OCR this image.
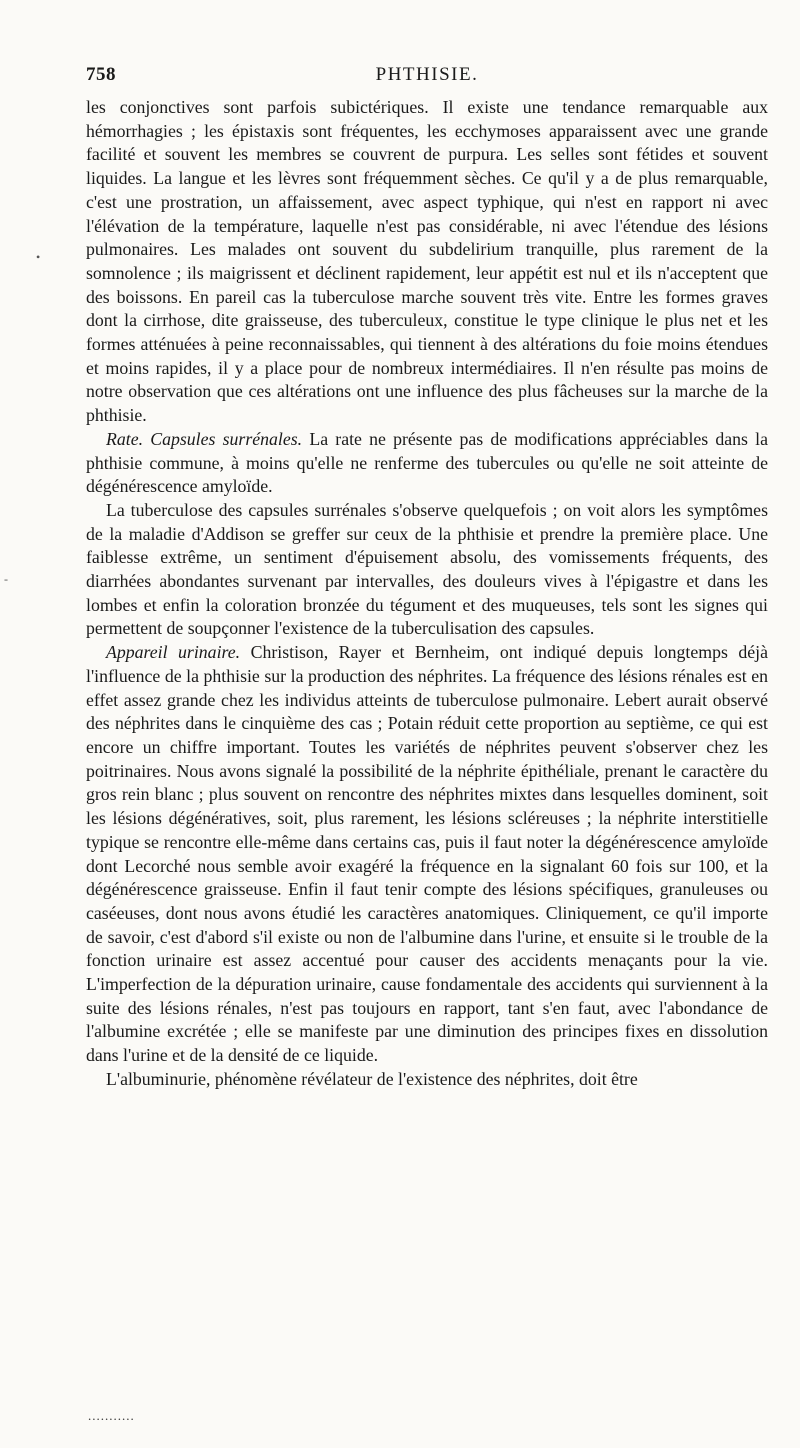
758	PHTHISIE.

les conjonctives sont parfois subictériques. Il existe une tendance remarquable aux hémorrhagies ; les épistaxis sont fréquentes, les ecchymoses apparaissent avec une grande facilité et souvent les membres se couvrent de purpura. Les selles sont fétides et souvent liquides. La langue et les lèvres sont fréquemment sèches. Ce qu'il y a de plus remarquable, c'est une prostration, un affaissement, avec aspect typhique, qui n'est en rapport ni avec l'élévation de la température, laquelle n'est pas considérable, ni avec l'étendue des lésions pulmonaires. Les malades ont souvent du subdelirium tranquille, plus rarement de la somnolence ; ils maigrissent et déclinent rapidement, leur appétit est nul et ils n'acceptent que des boissons. En pareil cas la tuberculose marche souvent très vite. Entre les formes graves dont la cirrhose, dite graisseuse, des tuberculeux, constitue le type clinique le plus net et les formes atténuées à peine reconnaissables, qui tiennent à des altérations du foie moins étendues et moins rapides, il y a place pour de nombreux intermédiaires. Il n'en résulte pas moins de notre observation que ces altérations ont une influence des plus fâcheuses sur la marche de la phthisie.

Rate. Capsules surrénales. La rate ne présente pas de modifications appréciables dans la phthisie commune, à moins qu'elle ne renferme des tubercules ou qu'elle ne soit atteinte de dégénérescence amyloïde.

La tuberculose des capsules surrénales s'observe quelquefois ; on voit alors les symptômes de la maladie d'Addison se greffer sur ceux de la phthisie et prendre la première place. Une faiblesse extrême, un sentiment d'épuisement absolu, des vomissements fréquents, des diarrhées abondantes survenant par intervalles, des douleurs vives à l'épigastre et dans les lombes et enfin la coloration bronzée du tégument et des muqueuses, tels sont les signes qui permettent de soupçonner l'existence de la tuberculisation des capsules.

Appareil urinaire. Christison, Rayer et Bernheim, ont indiqué depuis longtemps déjà l'influence de la phthisie sur la production des néphrites. La fréquence des lésions rénales est en effet assez grande chez les individus atteints de tuberculose pulmonaire. Lebert aurait observé des néphrites dans le cinquième des cas ; Potain réduit cette proportion au septième, ce qui est encore un chiffre important. Toutes les variétés de néphrites peuvent s'observer chez les poitrinaires. Nous avons signalé la possibilité de la néphrite épithéliale, prenant le caractère du gros rein blanc ; plus souvent on rencontre des néphrites mixtes dans lesquelles dominent, soit les lésions dégénératives, soit, plus rarement, les lésions scléreuses ; la néphrite interstitielle typique se rencontre elle-même dans certains cas, puis il faut noter la dégénérescence amyloïde dont Lecorché nous semble avoir exagéré la fréquence en la signalant 60 fois sur 100, et la dégénérescence graisseuse. Enfin il faut tenir compte des lésions spécifiques, granuleuses ou caséeuses, dont nous avons étudié les caractères anatomiques. Cliniquement, ce qu'il importe de savoir, c'est d'abord s'il existe ou non de l'albumine dans l'urine, et ensuite si le trouble de la fonction urinaire est assez accentué pour causer des accidents menaçants pour la vie. L'imperfection de la dépuration urinaire, cause fondamentale des accidents qui surviennent à la suite des lésions rénales, n'est pas toujours en rapport, tant s'en faut, avec l'abondance de l'albumine excrétée ; elle se manifeste par une diminution des principes fixes en dissolution dans l'urine et de la densité de ce liquide.

L'albuminurie, phénomène révélateur de l'existence des néphrites, doit être

•
-
...........
